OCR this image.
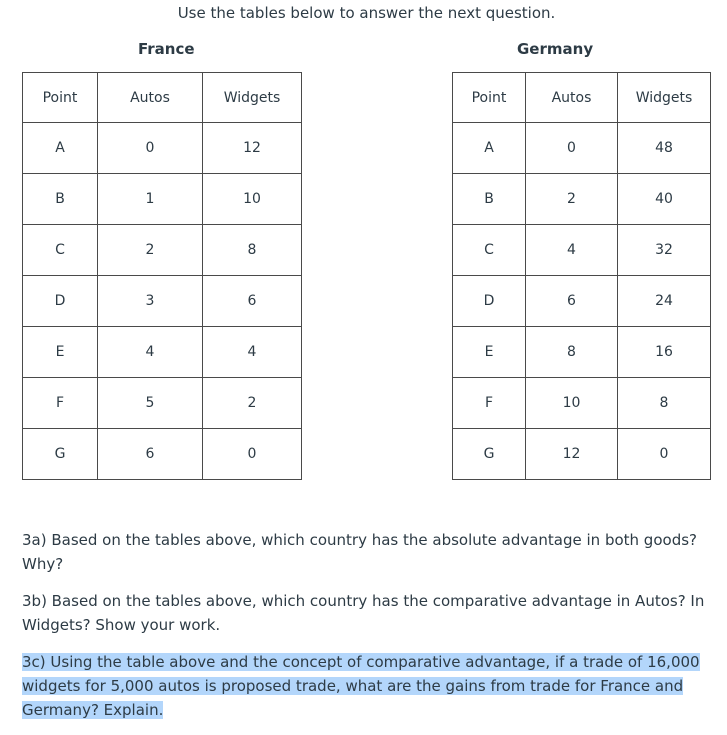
Use the tables below to answer the next question.
France	Germany
Point	Autos	Widgets
A	0	12
B	1	10
C	2	8
D	3	6
E	4	4
F	5	2
G	6	0
Point	Autos	Widgets
A	0	48
B	2	40
C	4	32
D	6	24
E	8	16
F	10	8
G	12	0

3a) Based on the tables above, which country has the absolute advantage in both goods? Why?

3b) Based on the tables above, which country has the comparative advantage in Autos? In Widgets? Show your work.

3c) Using the table above and the concept of comparative advantage, if a trade of 16,000 widgets for 5,000 autos is proposed trade, what are the gains from trade for France and Germany? Explain.
